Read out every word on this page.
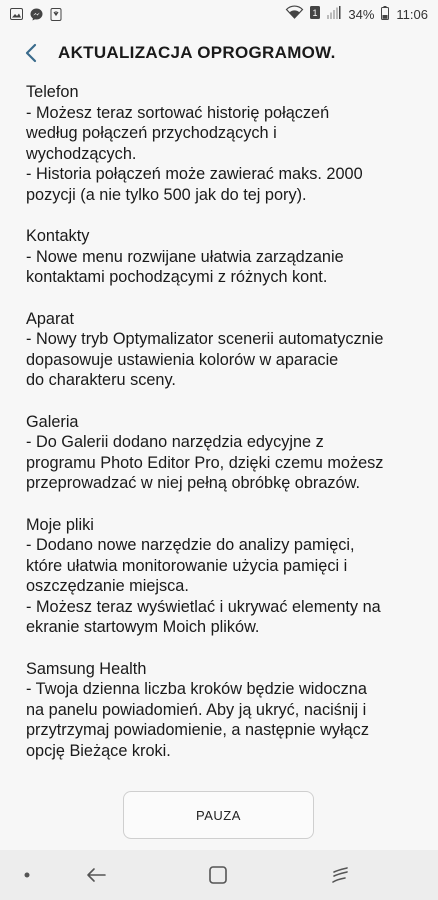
1 34% 11:06
AKTUALIZACJA OPROGRAMOW.

Telefon

- Możesz teraz sortować historię połączeń

według połączeń przychodzących i

wychodzących.

- Historia połączeń może zawierać maks. 2000

pozycji (a nie tylko 500 jak do tej pory).

Kontakty

- Nowe menu rozwijane ułatwia zarządzanie

kontaktami pochodzącymi z różnych kont.

Aparat

- Nowy tryb Optymalizator scenerii automatycznie

dopasowuje ustawienia kolorów w aparacie

do charakteru sceny.

Galeria

- Do Galerii dodano narzędzia edycyjne z

programu Photo Editor Pro, dzięki czemu możesz

przeprowadzać w niej pełną obróbkę obrazów.

Moje pliki

- Dodano nowe narzędzie do analizy pamięci,

które ułatwia monitorowanie użycia pamięci i

oszczędzanie miejsca.

- Możesz teraz wyświetlać i ukrywać elementy na

ekranie startowym Moich plików.

Samsung Health

- Twoja dzienna liczba kroków będzie widoczna

na panelu powiadomień. Aby ją ukryć, naciśnij i

przytrzymaj powiadomienie, a następnie wyłącz

opcję Bieżące kroki.

PAUZA
